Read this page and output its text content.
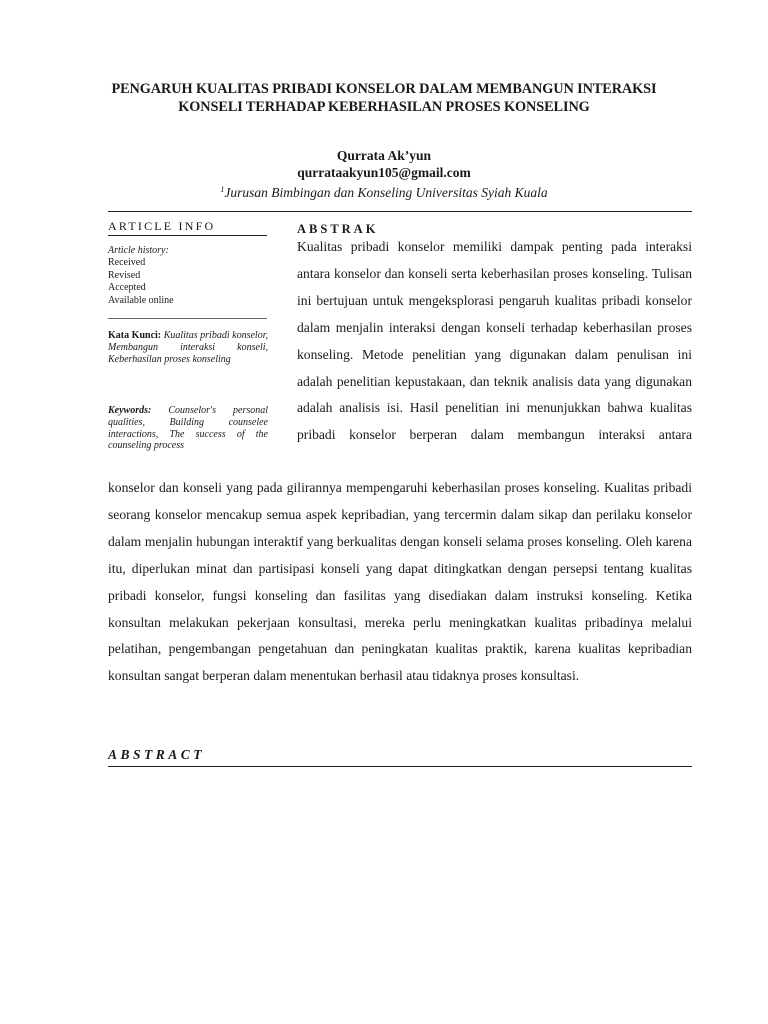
PENGARUH KUALITAS PRIBADI KONSELOR DALAM MEMBANGUN INTERAKSI
KONSELI TERHADAP KEBERHASILAN PROSES KONSELING
Qurrata Ak’yun
qurrataakyun105@gmail.com
$^1$Jurusan Bimbingan dan Konseling Universitas Syiah Kuala
ARTICLE INFO
Article history:
Received
Revised
Accepted
Available online
Kata Kunci: Kualitas pribadi konselor, Membangun interaksi konseli, Keberhasilan proses konseling
Keywords: Counselor's personal qualities, Building counselee interactions, The success of the counseling process
ABSTRAK
Kualitas pribadi konselor memiliki dampak penting pada interaksi antara konselor dan konseli serta keberhasilan proses konseling. Tulisan ini bertujuan untuk mengeksplorasi pengaruh kualitas pribadi konselor dalam menjalin interaksi dengan konseli terhadap keberhasilan proses konseling. Metode penelitian yang digunakan dalam penulisan ini adalah penelitian kepustakaan, dan teknik analisis data yang digunakan adalah analisis isi. Hasil penelitian ini menunjukkan bahwa kualitas pribadi konselor berperan dalam membangun interaksi antara
konselor dan konseli yang pada gilirannya mempengaruhi keberhasilan proses konseling. Kualitas pribadi seorang konselor mencakup semua aspek kepribadian, yang tercermin dalam sikap dan perilaku konselor dalam menjalin hubungan interaktif yang berkualitas dengan konseli selama proses konseling. Oleh karena itu, diperlukan minat dan partisipasi konseli yang dapat ditingkatkan dengan persepsi tentang kualitas pribadi konselor, fungsi konseling dan fasilitas yang disediakan dalam instruksi konseling. Ketika konsultan melakukan pekerjaan konsultasi, mereka perlu meningkatkan kualitas pribadinya melalui pelatihan, pengembangan pengetahuan dan peningkatan kualitas praktik, karena kualitas kepribadian konsultan sangat berperan dalam menentukan berhasil atau tidaknya proses konsultasi.
ABSTRACT
